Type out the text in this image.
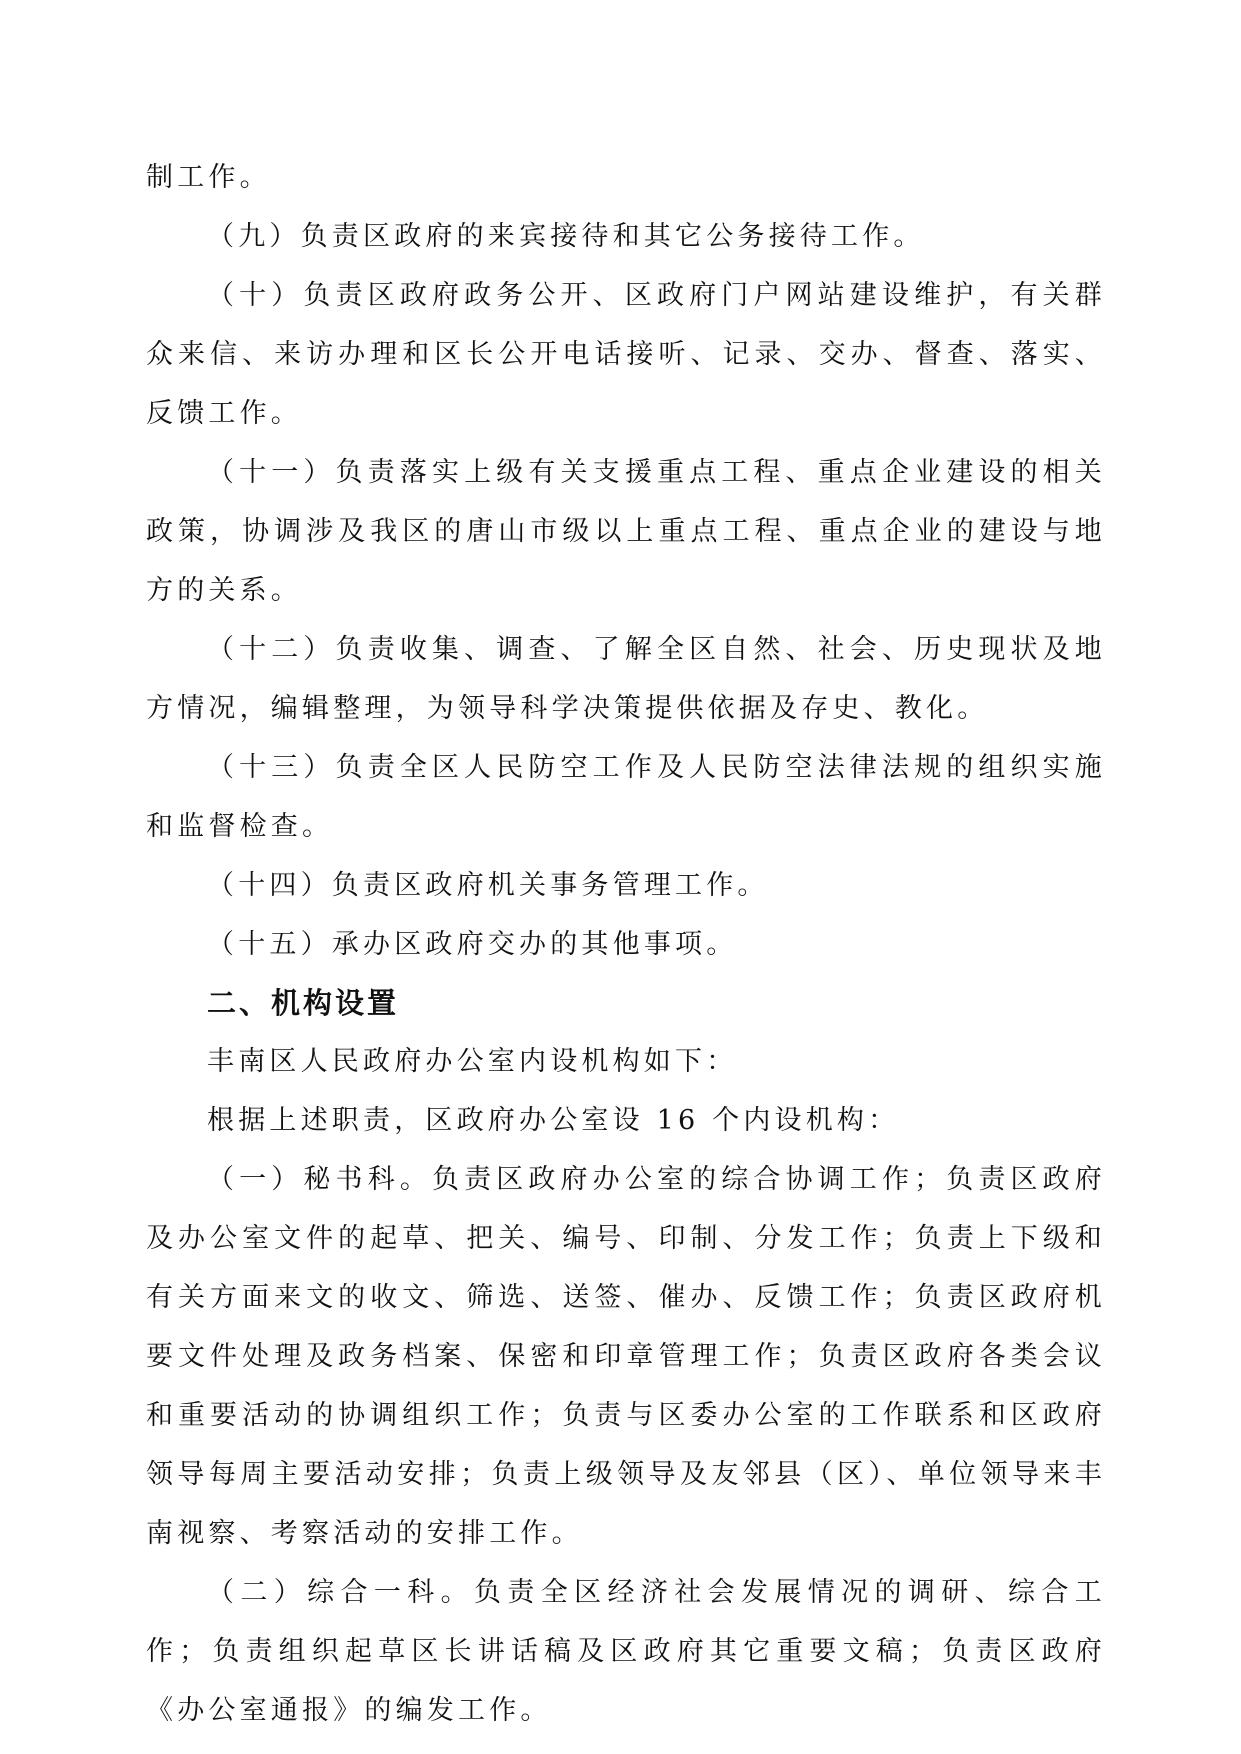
制工作。

（九）负责区政府的来宾接待和其它公务接待工作。

（十）负责区政府政务公开、区政府门户网站建设维护，有关群众来信、来访办理和区长公开电话接听、记录、交办、督查、落实、反馈工作。

（十一）负责落实上级有关支援重点工程、重点企业建设的相关政策，协调涉及我区的唐山市级以上重点工程、重点企业的建设与地方的关系。

（十二）负责收集、调查、了解全区自然、社会、历史现状及地方情况，编辑整理，为领导科学决策提供依据及存史、教化。

（十三）负责全区人民防空工作及人民防空法律法规的组织实施和监督检查。

（十四）负责区政府机关事务管理工作。

（十五）承办区政府交办的其他事项。

二、机构设置

丰南区人民政府办公室内设机构如下：

根据上述职责，区政府办公室设 16 个内设机构：

（一）秘书科。负责区政府办公室的综合协调工作；负责区政府及办公室文件的起草、把关、编号、印制、分发工作；负责上下级和有关方面来文的收文、筛选、送签、催办、反馈工作；负责区政府机要文件处理及政务档案、保密和印章管理工作；负责区政府各类会议和重要活动的协调组织工作；负责与区委办公室的工作联系和区政府领导每周主要活动安排；负责上级领导及友邻县（区）、单位领导来丰南视察、考察活动的安排工作。

（二）综合一科。负责全区经济社会发展情况的调研、综合工作；负责组织起草区长讲话稿及区政府其它重要文稿；负责区政府《办公室通报》的编发工作。
